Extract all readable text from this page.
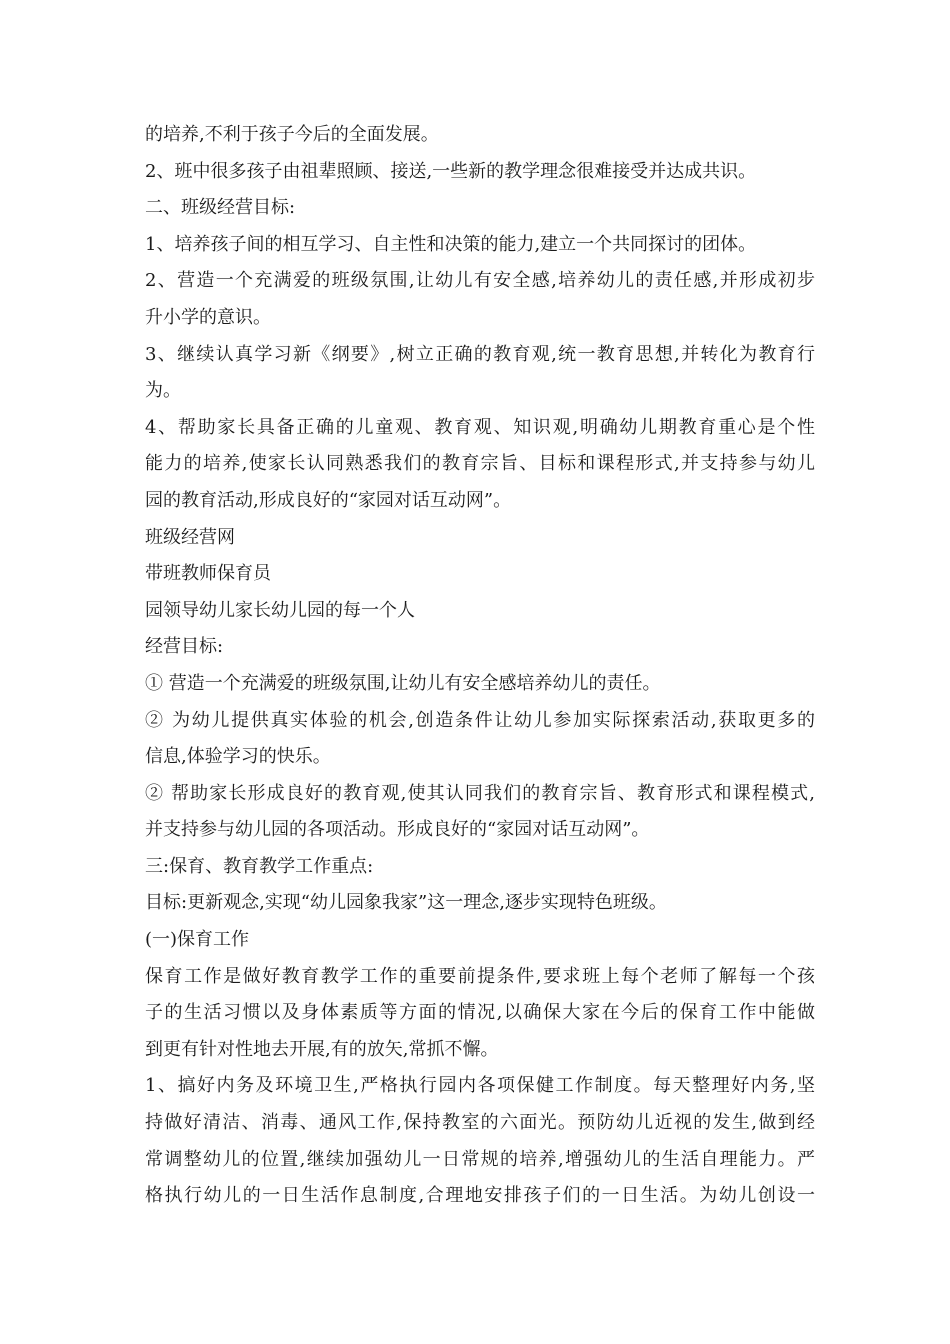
的培养,不利于孩子今后的全面发展。
2、班中很多孩子由祖辈照顾、接送,一些新的教学理念很难接受并达成共识。
二、班级经营目标:
1、培养孩子间的相互学习、自主性和决策的能力,建立一个共同探讨的团体。
2、营造一个充满爱的班级氛围,让幼儿有安全感,培养幼儿的责任感,并形成初步
升小学的意识。
3、继续认真学习新《纲要》,树立正确的教育观,统一教育思想,并转化为教育行
为。
4、帮助家长具备正确的儿童观、教育观、知识观,明确幼儿期教育重心是个性
能力的培养,使家长认同熟悉我们的教育宗旨、目标和课程形式,并支持参与幼儿
园的教育活动,形成良好的“家园对话互动网”。
班级经营网
带班教师保育员
园领导幼儿家长幼儿园的每一个人
经营目标:
① 营造一个充满爱的班级氛围,让幼儿有安全感培养幼儿的责任。
② 为幼儿提供真实体验的机会,创造条件让幼儿参加实际探索活动,获取更多的
信息,体验学习的快乐。
② 帮助家长形成良好的教育观,使其认同我们的教育宗旨、教育形式和课程模式,
并支持参与幼儿园的各项活动。形成良好的“家园对话互动网”。
三:保育、教育教学工作重点:
目标:更新观念,实现“幼儿园象我家”这一理念,逐步实现特色班级。
(一)保育工作
保育工作是做好教育教学工作的重要前提条件,要求班上每个老师了解每一个孩
子的生活习惯以及身体素质等方面的情况,以确保大家在今后的保育工作中能做
到更有针对性地去开展,有的放矢,常抓不懈。
1、搞好内务及环境卫生,严格执行园内各项保健工作制度。每天整理好内务,坚
持做好清洁、消毒、通风工作,保持教室的六面光。预防幼儿近视的发生,做到经
常调整幼儿的位置,继续加强幼儿一日常规的培养,增强幼儿的生活自理能力。严
格执行幼儿的一日生活作息制度,合理地安排孩子们的一日生活。为幼儿创设一
